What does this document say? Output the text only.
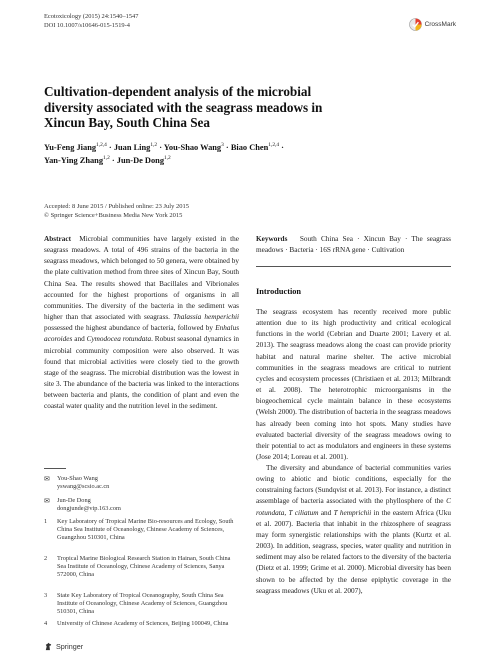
Ecotoxicology (2015) 24:1540–1547
DOI 10.1007/s10646-015-1519-4	CrossMark
Cultivation-dependent analysis of the microbial diversity associated with the seagrass meadows in Xincun Bay, South China Sea
Yu-Feng Jiang$^{1,2,4}$ · Juan Ling$^{1,2}$ · You-Shao Wang$^3$ · Biao Chen$^{1,2,4}$ ·
Yan-Ying Zhang$^{1,2}$ · Jun-De Dong$^{1,2}$
Accepted: 8 June 2015 / Published online: 23 July 2015
© Springer Science+Business Media New York 2015
Abstract Microbial communities have largely existed in the seagrass meadows. A total of 496 strains of the bacteria in the seagrass meadows, which belonged to 50 genera, were obtained by the plate cultivation method from three sites of Xincun Bay, South China Sea. The results showed that Bacillales and Vibrionales accounted for the highest proportions of organisms in all communities. The diversity of the bacteria in the sediment was higher than that associated with seagrass. Thalassia hemperichii possessed the highest abundance of bacteria, followed by Enhalus acoroides and Cymodocea rotundata. Robust seasonal dynamics in microbial community composition were also observed. It was found that microbial activities were closely tied to the growth stage of the seagrass. The microbial distribution was the lowest in site 3. The abundance of the bacteria was linked to the interactions between bacteria and plants, the condition of plant and even the coastal water quality and the nutrition level in the sediment.
Keywords South China Sea · Xincun Bay · The seagrass meadows · Bacteria · 16S rRNA gene · Cultivation
Introduction
The seagrass ecosystem has recently received more public attention due to its high productivity and critical ecological functions in the world (Cebrian and Duarte 2001; Lavery et al. 2013). The seagrass meadows along the coast can provide priority habitat and natural marine shelter. The active microbial communities in the seagrass meadows are critical to nutrient cycles and ecosystem processes (Christiaen et al. 2013; Milbrandt et al. 2008). The heterotrophic microorganisms in the biogeochemical cycle maintain balance in these ecosystems (Welsh 2000). The distribution of bacteria in the seagrass meadows has already been coming into hot spots. Many studies have evaluated bacterial diversity of the seagrass meadows owing to their potential to act as modulators and engineers in these systems (Jose 2014; Loreau et al. 2001).
The diversity and abundance of bacterial communities varies owing to abiotic and biotic conditions, especially for the constraining factors (Sundqvist et al. 2013). For instance, a distinct assemblage of bacteria associated with the phyllosphere of the C rotundata, T ciliatum and T hemprichii in the eastern Africa (Uku et al. 2007). Bacteria that inhabit in the rhizosphere of seagrass may form synergistic relationships with the plants (Kurtz et al. 2003). In addition, seagrass, species, water quality and nutrition in sediment may also be related factors to the diversity of the bacteria (Dietz et al. 1999; Grime et al. 2000). Microbial diversity has been shown to be affected by the dense epiphytic coverage in the seagrass meadows (Uku et al. 2007),
✉ You-Shao Wang
yswang@scsio.ac.cn
✉ Jun-De Dong
dongjunde@vip.163.com
1 Key Laboratory of Tropical Marine Bio-resources and Ecology, South China Sea Institute of Oceanology, Chinese Academy of Sciences, Guangzhou 510301, China
2 Tropical Marine Biological Research Station in Hainan, South China Sea Institute of Oceanology, Chinese Academy of Sciences, Sanya 572000, China
3 State Key Laboratory of Tropical Oceanography, South China Sea Institute of Oceanology, Chinese Academy of Sciences, Guangzhou 510301, China
4 University of Chinese Academy of Sciences, Beijing 100049, China
Springer
